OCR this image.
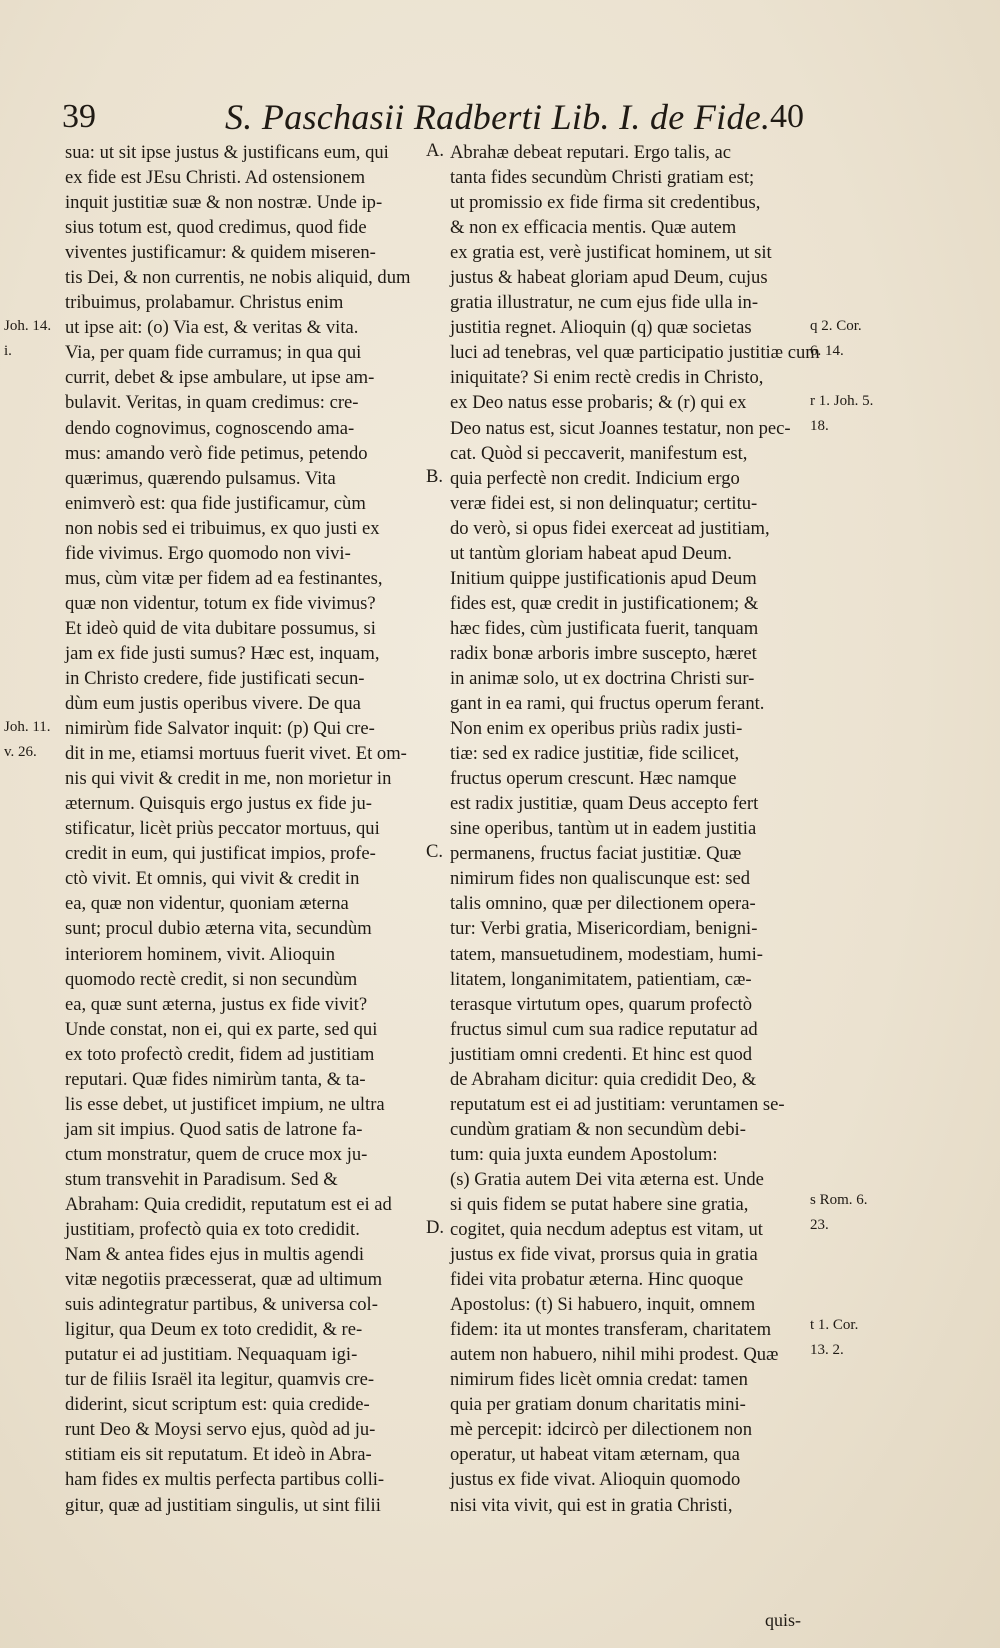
39	S. Paschasii Radberti Lib. I. de Fide. 40
sua: ut sit ipse justus & justificans eum, qui
ex fide est JEsu Christi. Ad ostensionem
inquit justitiæ suæ & non nostræ. Unde ip-
sius totum est, quod credimus, quod fide
viventes justificamur: & quidem miseren-
tis Dei, & non currentis, ne nobis aliquid, dum
tribuimus, prolabamur. Christus enim
ut ipse ait: (o) Via est, & veritas & vita.
Via, per quam fide curramus; in qua qui
currit, debet & ipse ambulare, ut ipse am-
bulavit. Veritas, in quam credimus: cre-
dendo cognovimus, cognoscendo ama-
mus: amando verò fide petimus, petendo
quærimus, quærendo pulsamus. Vita
enimverò est: qua fide justificamur, cùm
non nobis sed ei tribuimus, ex quo justi ex
fide vivimus. Ergo quomodo non vivi-
mus, cùm vitæ per fidem ad ea festinantes,
quæ non videntur, totum ex fide vivimus?
Et ideò quid de vita dubitare possumus, si
jam ex fide justi sumus? Hæc est, inquam,
in Christo credere, fide justificati secun-
dùm eum justis operibus vivere. De qua
nimirùm fide Salvator inquit: (p) Qui cre-
dit in me, etiamsi mortuus fuerit vivet. Et om-
nis qui vivit & credit in me, non morietur in
æternum. Quisquis ergo justus ex fide ju-
stificatur, licèt priùs peccator mortuus, qui
credit in eum, qui justificat impios, profe-
ctò vivit. Et omnis, qui vivit & credit in
ea, quæ non videntur, quoniam æterna
sunt; procul dubio æterna vita, secundùm
interiorem hominem, vivit. Alioquin
quomodo rectè credit, si non secundùm
ea, quæ sunt æterna, justus ex fide vivit?
Unde constat, non ei, qui ex parte, sed qui
ex toto profectò credit, fidem ad justitiam
reputari. Quæ fides nimirùm tanta, & ta-
lis esse debet, ut justificet impium, ne ultra
jam sit impius. Quod satis de latrone fa-
ctum monstratur, quem de cruce mox ju-
stum transvehit in Paradisum. Sed &
Abraham: Quia credidit, reputatum est ei ad
justitiam, profectò quia ex toto credidit.
Nam & antea fides ejus in multis agendi
vitæ negotiis præcesserat, quæ ad ultimum
suis adintegratur partibus, & universa col-
ligitur, qua Deum ex toto credidit, & re-
putatur ei ad justitiam. Nequaquam igi-
tur de filiis Israël ita legitur, quamvis cre-
diderint, sicut scriptum est: quia credide-
runt Deo & Moysi servo ejus, quòd ad ju-
stitiam eis sit reputatum. Et ideò in Abra-
ham fides ex multis perfecta partibus colli-
gitur, quæ ad justitiam singulis, ut sint filii
Abrahæ debeat reputari. Ergo talis, ac
tanta fides secundùm Christi gratiam est;
ut promissio ex fide firma sit credentibus,
& non ex efficacia mentis. Quæ autem
ex gratia est, verè justificat hominem, ut sit
justus & habeat gloriam apud Deum, cujus
gratia illustratur, ne cum ejus fide ulla in-
justitia regnet. Alioquin (q) quæ societas
luci ad tenebras, vel quæ participatio justitiæ cum
iniquitate? Si enim rectè credis in Christo,
ex Deo natus esse probaris; & (r) qui ex
Deo natus est, sicut Joannes testatur, non pec-
cat. Quòd si peccaverit, manifestum est,
quia perfectè non credit. Indicium ergo
veræ fidei est, si non delinquatur; certitu-
do verò, si opus fidei exerceat ad justitiam,
ut tantùm gloriam habeat apud Deum.
Initium quippe justificationis apud Deum
fides est, quæ credit in justificationem; &
hæc fides, cùm justificata fuerit, tanquam
radix bonæ arboris imbre suscepto, hæret
in animæ solo, ut ex doctrina Christi sur-
gant in ea rami, qui fructus operum ferant.
Non enim ex operibus priùs radix justi-
tiæ: sed ex radice justitiæ, fide scilicet,
fructus operum crescunt. Hæc namque
est radix justitiæ, quam Deus accepto fert
sine operibus, tantùm ut in eadem justitia
permanens, fructus faciat justitiæ. Quæ
nimirum fides non qualiscunque est: sed
talis omnino, quæ per dilectionem opera-
tur: Verbi gratia, Misericordiam, benigni-
tatem, mansuetudinem, modestiam, humi-
litatem, longanimitatem, patientiam, cæ-
terasque virtutum opes, quarum profectò
fructus simul cum sua radice reputatur ad
justitiam omni credenti. Et hinc est quod
de Abraham dicitur: quia credidit Deo, &
reputatum est ei ad justitiam: veruntamen se-
cundùm gratiam & non secundùm debi-
tum: quia juxta eundem Apostolum:
(s) Gratia autem Dei vita æterna est. Unde
si quis fidem se putat habere sine gratia,
cogitet, quia necdum adeptus est vitam, ut
justus ex fide vivat, prorsus quia in gratia
fidei vita probatur æterna. Hinc quoque
Apostolus: (t) Si habuero, inquit, omnem
fidem: ita ut montes transferam, charitatem
autem non habuero, nihil mihi prodest. Quæ
nimirum fides licèt omnia credat: tamen
quia per gratiam donum charitatis mini-
mè percepit: idcircò per dilectionem non
operatur, ut habeat vitam æternam, qua
justus ex fide vivat. Alioquin quomodo
nisi vita vivit, qui est in gratia Christi,
A.
B.
C.
D.
Joh. 14.
i.
Joh. 11.
v. 26.
q 2. Cor.
6. 14.
r 1. Joh. 5.
18.
s Rom. 6.
23.
t 1. Cor.
13. 2.
quis-
